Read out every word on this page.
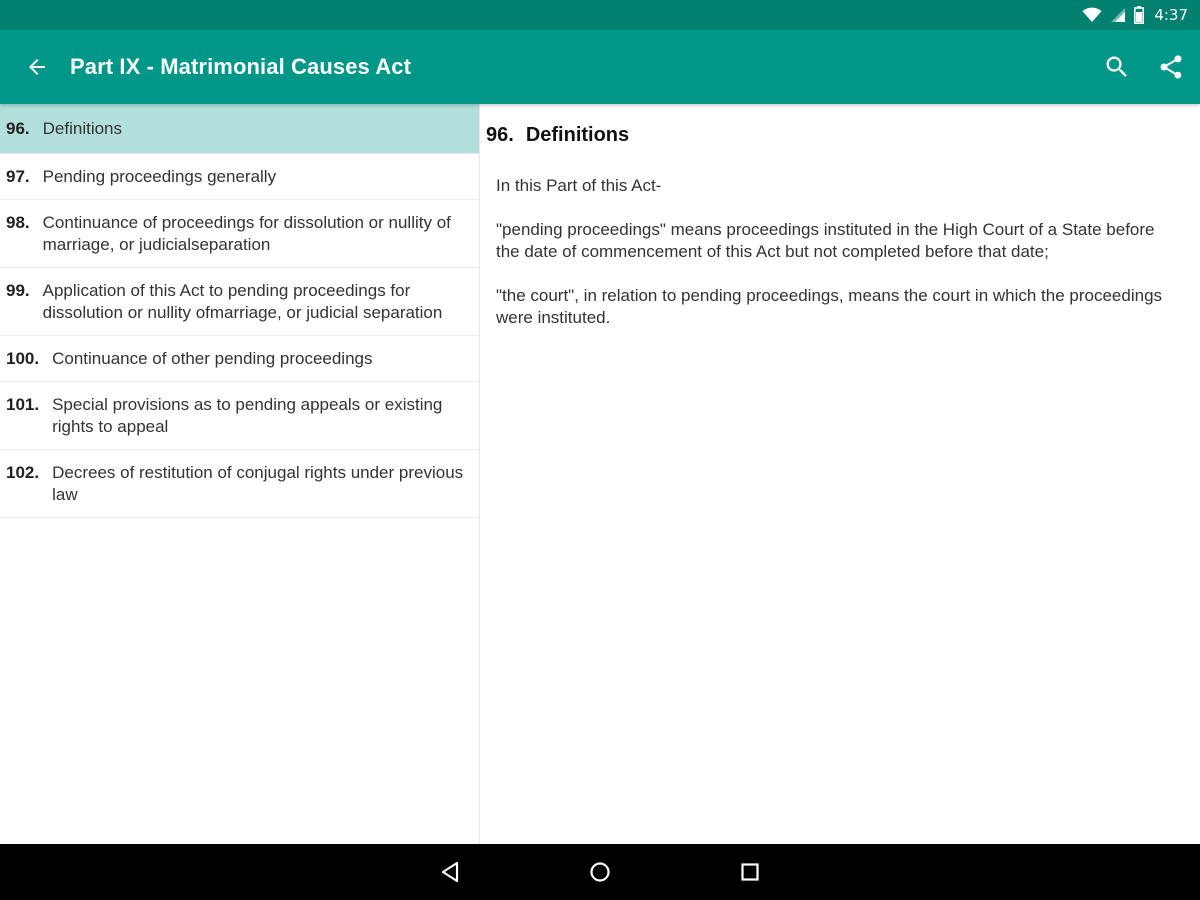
4:37
Part IX - Matrimonial Causes Act
96. Definitions
97. Pending proceedings generally
98. Continuance of proceedings for dissolution or nullity of marriage, or judicialseparation
99. Application of this Act to pending proceedings for dissolution or nullity ofmarriage, or judicial separation
100. Continuance of other pending proceedings
101. Special provisions as to pending appeals or existing rights to appeal
102. Decrees of restitution of conjugal rights under previous law
96. Definitions

In this Part of this Act-

"pending proceedings" means proceedings instituted in the High Court of a State before the date of commencement of this Act but not completed before that date;

"the court", in relation to pending proceedings, means the court in which the proceedings were instituted.
